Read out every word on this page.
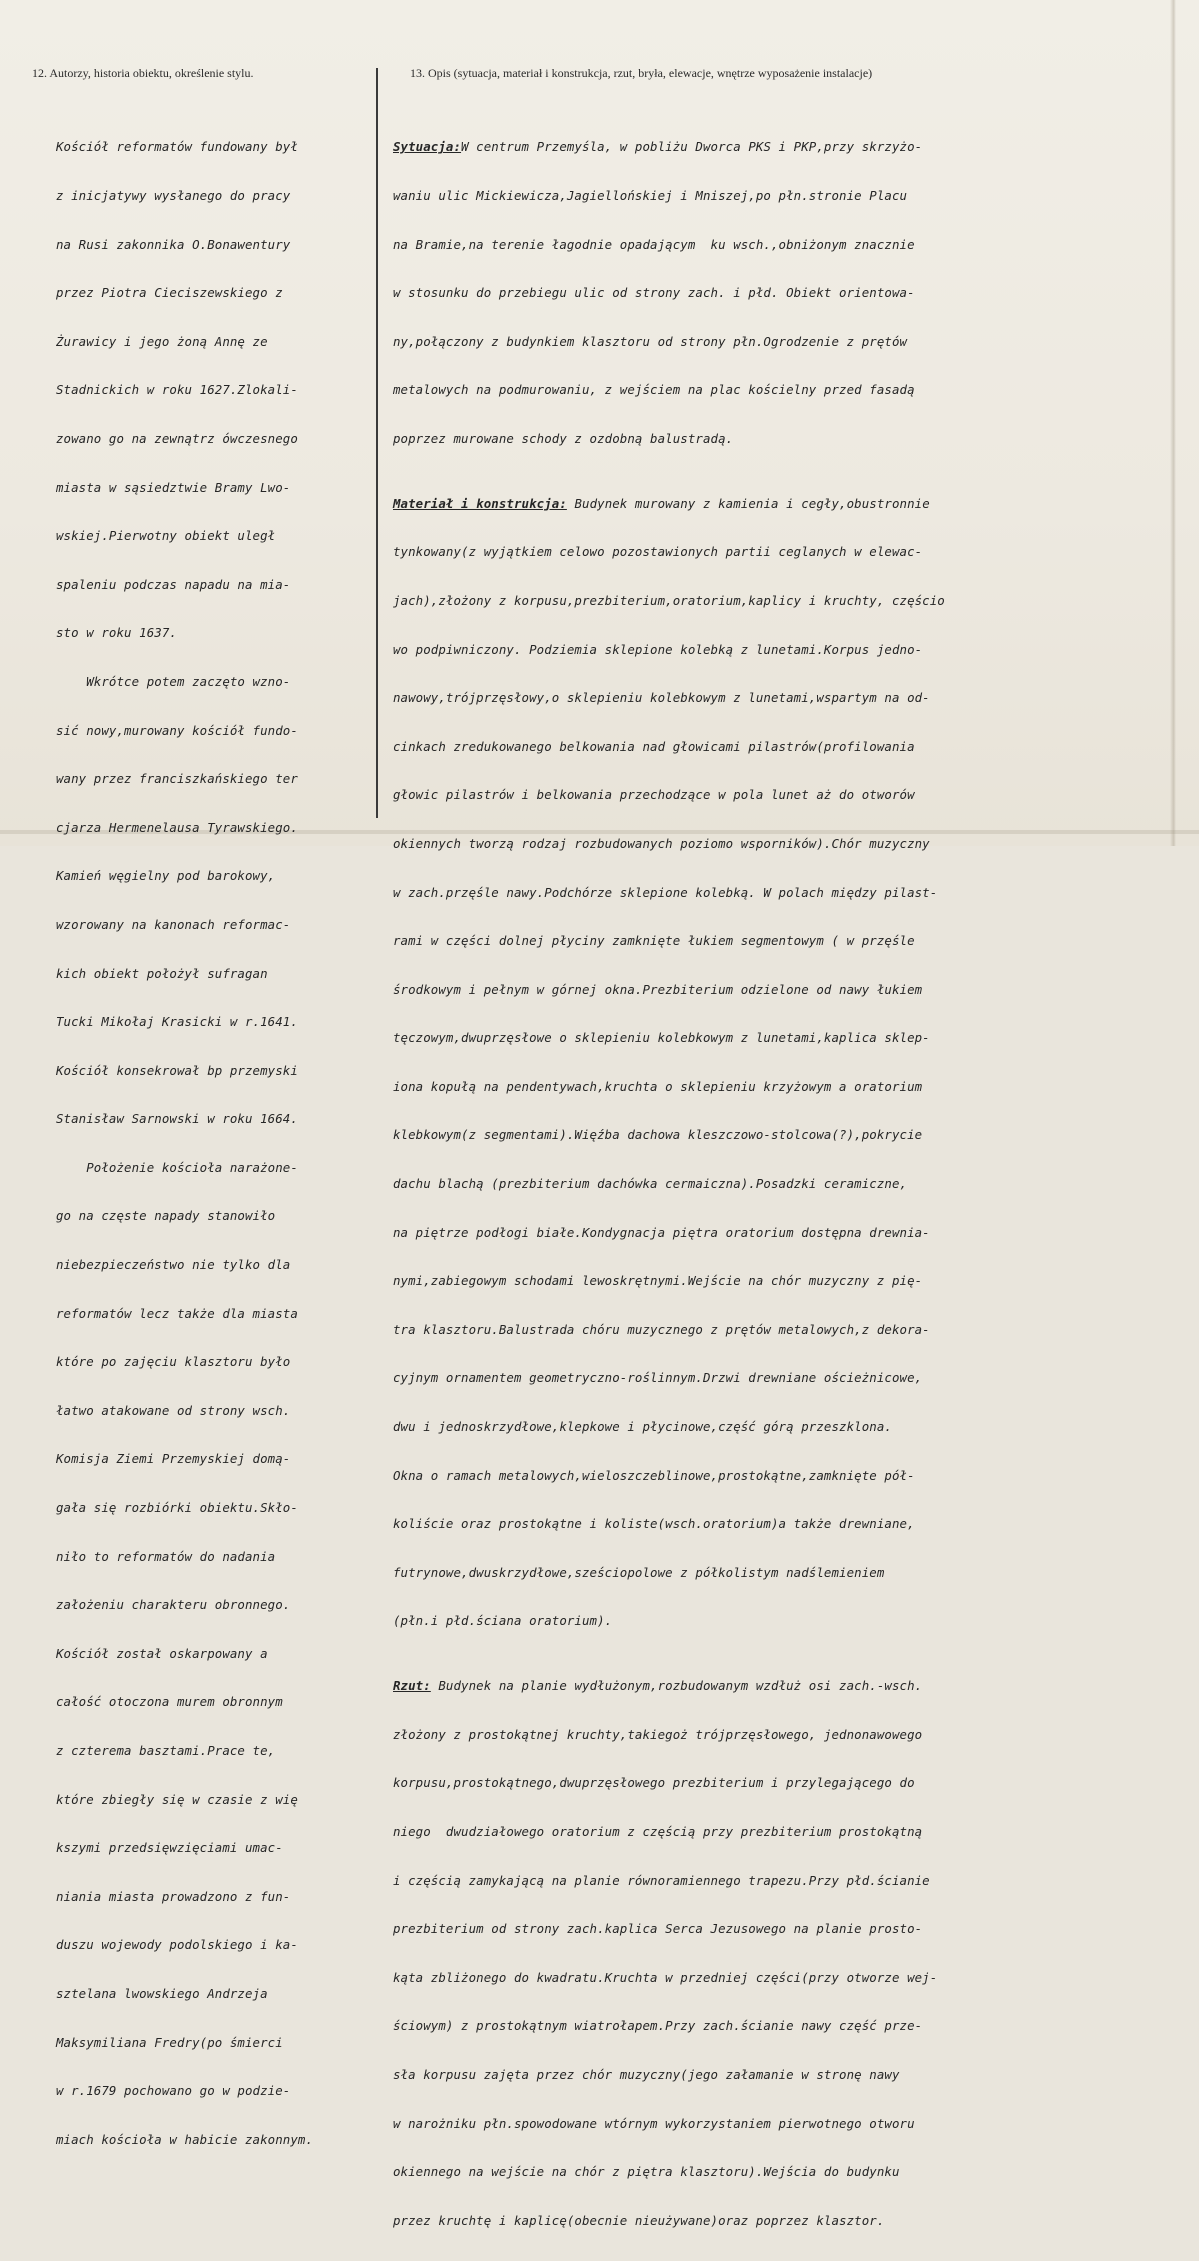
12. Autorzy, historia obiektu, określenie stylu.	13. Opis (sytuacja, materiał i konstrukcja, rzut, bryła, elewacje, wnętrze wyposażenie instalacje)

Kościół reformatów fundowany był

z inicjatywy wysłanego do pracy

na Rusi zakonnika O.Bonawentury

przez Piotra Cieciszewskiego z

Żurawicy i jego żoną Annę ze

Stadnickich w roku 1627.Zlokali-

zowano go na zewnątrz ówczesnego

miasta w sąsiedztwie Bramy Lwo-

wskiej.Pierwotny obiekt uległ

spaleniu podczas napadu na mia-

sto w roku 1637.

Wkrótce potem zaczęto wzno-

sić nowy,murowany kościół fundo-

wany przez franciszkańskiego ter

cjarza Hermenelausa Tyrawskiego.

Kamień węgielny pod barokowy,

wzorowany na kanonach reformac-

kich obiekt położył sufragan

Tucki Mikołaj Krasicki w r.1641.

Kościół konsekrował bp przemyski

Stanisław Sarnowski w roku 1664.

Położenie kościoła narażone-

go na częste napady stanowiło

niebezpieczeństwo nie tylko dla

reformatów lecz także dla miasta

które po zajęciu klasztoru było

łatwo atakowane od strony wsch.

Komisja Ziemi Przemyskiej domą-

gała się rozbiórki obiektu.Skło-

niło to reformatów do nadania

założeniu charakteru obronnego.

Kościół został oskarpowany a

całość otoczona murem obronnym

z czterema basztami.Prace te,

które zbiegły się w czasie z wię

kszymi przedsięwzięciami umac-

niania miasta prowadzono z fun-

duszu wojewody podolskiego i ka-

sztelana lwowskiego Andrzeja

Maksymiliana Fredry(po śmierci

w r.1679 pochowano go w podzie-

miach kościoła w habicie zakonnym.

Sytuacja:W centrum Przemyśla, w pobliżu Dworca PKS i PKP,przy skrzyżo-

waniu ulic Mickiewicza,Jagiellońskiej i Mniszej,po płn.stronie Placu

na Bramie,na terenie łagodnie opadającym  ku wsch.,obniżonym znacznie

w stosunku do przebiegu ulic od strony zach. i płd. Obiekt orientowa-

ny,połączony z budynkiem klasztoru od strony płn.Ogrodzenie z prętów

metalowych na podmurowaniu, z wejściem na plac kościelny przed fasadą

poprzez murowane schody z ozdobną balustradą.

Materiał i konstrukcja: Budynek murowany z kamienia i cegły,obustronnie

tynkowany(z wyjątkiem celowo pozostawionych partii ceglanych w elewac-

jach),złożony z korpusu,prezbiterium,oratorium,kaplicy i kruchty, częścio

wo podpiwniczony. Podziemia sklepione kolebką z lunetami.Korpus jedno-

nawowy,trójprzęsłowy,o sklepieniu kolebkowym z lunetami,wspartym na od-

cinkach zredukowanego belkowania nad głowicami pilastrów(profilowania

głowic pilastrów i belkowania przechodzące w pola lunet aż do otworów

okiennych tworzą rodzaj rozbudowanych poziomo wsporników).Chór muzyczny

w zach.przęśle nawy.Podchórze sklepione kolebką. W polach między pilast-

rami w części dolnej płyciny zamknięte łukiem segmentowym ( w przęśle

środkowym i pełnym w górnej okna.Prezbiterium odzielone od nawy łukiem

tęczowym,dwuprzęsłowe o sklepieniu kolebkowym z lunetami,kaplica sklep-

iona kopułą na pendentywach,kruchta o sklepieniu krzyżowym a oratorium

klebkowym(z segmentami).Więźba dachowa kleszczowo-stolcowa(?),pokrycie

dachu blachą (prezbiterium dachówka cermaiczna).Posadzki ceramiczne,

na piętrze podłogi białe.Kondygnacja piętra oratorium dostępna drewnia-

nymi,zabiegowym schodami lewoskrętnymi.Wejście na chór muzyczny z pię-

tra klasztoru.Balustrada chóru muzycznego z prętów metalowych,z dekora-

cyjnym ornamentem geometryczno-roślinnym.Drzwi drewniane ościeżnicowe,

dwu i jednoskrzydłowe,klepkowe i płycinowe,część górą przeszklona.

Okna o ramach metalowych,wieloszczeblinowe,prostokątne,zamknięte pół-

koliście oraz prostokątne i koliste(wsch.oratorium)a także drewniane,

futrynowe,dwuskrzydłowe,sześciopolowe z półkolistym nadślemieniem

(płn.i płd.ściana oratorium).

Rzut: Budynek na planie wydłużonym,rozbudowanym wzdłuż osi zach.-wsch.

złożony z prostokątnej kruchty,takiegoż trójprzęsłowego, jednonawowego

korpusu,prostokątnego,dwuprzęsłowego prezbiterium i przylegającego do

niego  dwudziałowego oratorium z częścią przy prezbiterium prostokątną

i częścią zamykającą na planie równoramiennego trapezu.Przy płd.ścianie

prezbiterium od strony zach.kaplica Serca Jezusowego na planie prosto-

kąta zbliżonego do kwadratu.Kruchta w przedniej części(przy otworze wej-

ściowym) z prostokątnym wiatrołapem.Przy zach.ścianie nawy część prze-

sła korpusu zajęta przez chór muzyczny(jego załamanie w stronę nawy

w narożniku płn.spowodowane wtórnym wykorzystaniem pierwotnego otworu

okiennego na wejście na chór z piętra klasztoru).Wejścia do budynku

przez kruchtę i kaplicę(obecnie nieużywane)oraz poprzez klasztor.
